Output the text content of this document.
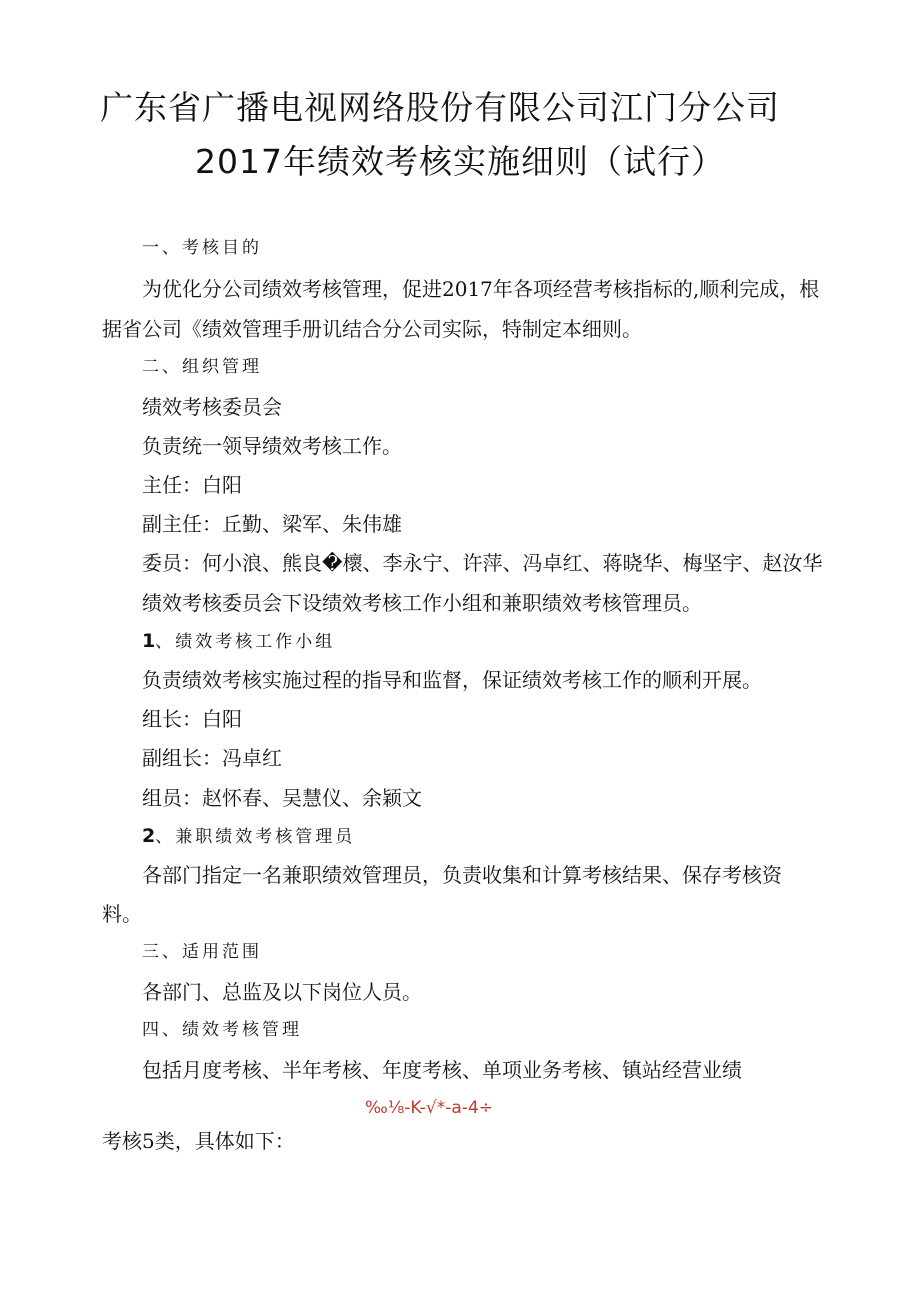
广东省广播电视网络股份有限公司江门分公司
2017年绩效考核实施细则（试行）
一、考核目的
为优化分公司绩效考核管理，促进2017年各项经营考核指标的,顺利完成，根
据省公司《绩效管理手册讥结合分公司实际，特制定本细则。
二、组织管理
绩效考核委员会
负责统一领导绩效考核工作。
主任：白阳
副主任：丘勤、梁军、朱伟雄
委员：何小浪、熊良�櫰、李永宁、许萍、冯卓红、蒋晓华、梅坚宇、赵汝华
绩效考核委员会下设绩效考核工作小组和兼职绩效考核管理员。
1、绩效考核工作小组
负责绩效考核实施过程的指导和监督，保证绩效考核工作的顺利开展。
组长：白阳
副组长：冯卓红
组员：赵怀春、吴慧仪、余颖文
2、兼职绩效考核管理员
各部门指定一名兼职绩效管理员，负责收集和计算考核结果、保存考核资
料。
三、适用范围
各部门、总监及以下岗位人员。
四、绩效考核管理
包括月度考核、半年考核、年度考核、单项业务考核、镇站经营业绩
‰⅛-K-√*-a-4÷
考核5类，具体如下：
